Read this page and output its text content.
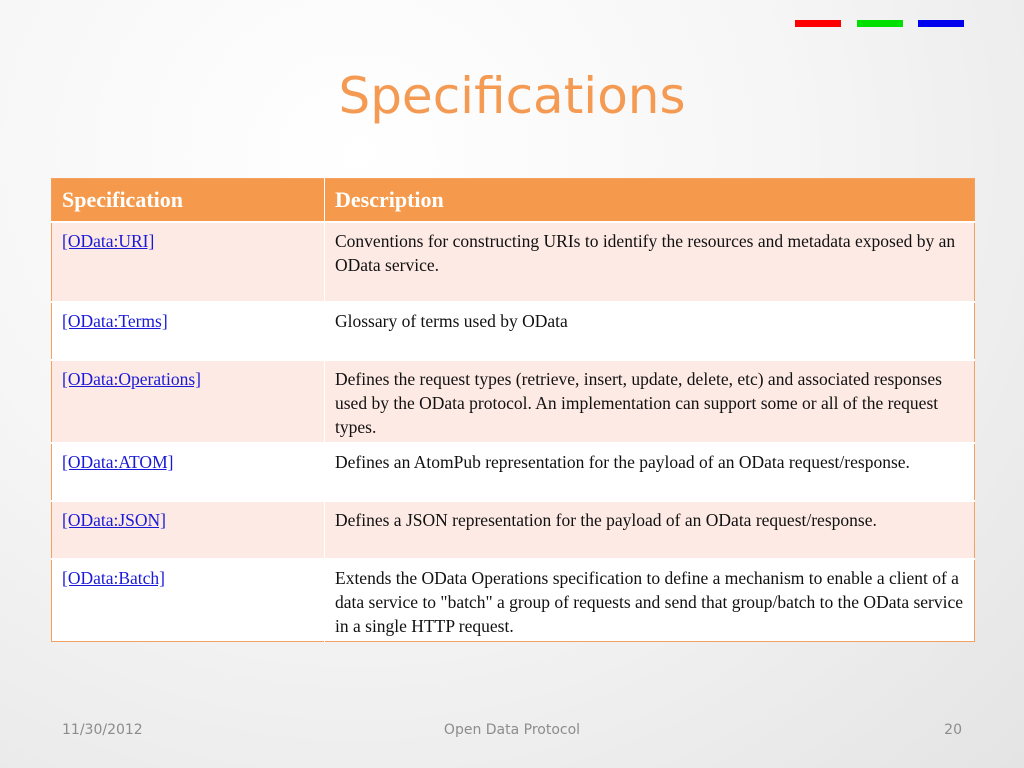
Specifications
Specification	Description
[OData:URI]	Conventions for constructing URIs to identify the resources and metadata exposed by an OData service.
[OData:Terms]	Glossary of terms used by OData
[OData:Operations]	Defines the request types (retrieve, insert, update, delete, etc) and associated responses used by the OData protocol. An implementation can support some or all of the request types.
[OData:ATOM]	Defines an AtomPub representation for the payload of an OData request/response.
[OData:JSON]	Defines a JSON representation for the payload of an OData request/response.
[OData:Batch]	Extends the OData Operations specification to define a mechanism to enable a client of a data service to "batch" a group of requests and send that group/batch to the OData service in a single HTTP request.
11/30/2012	Open Data Protocol	20
